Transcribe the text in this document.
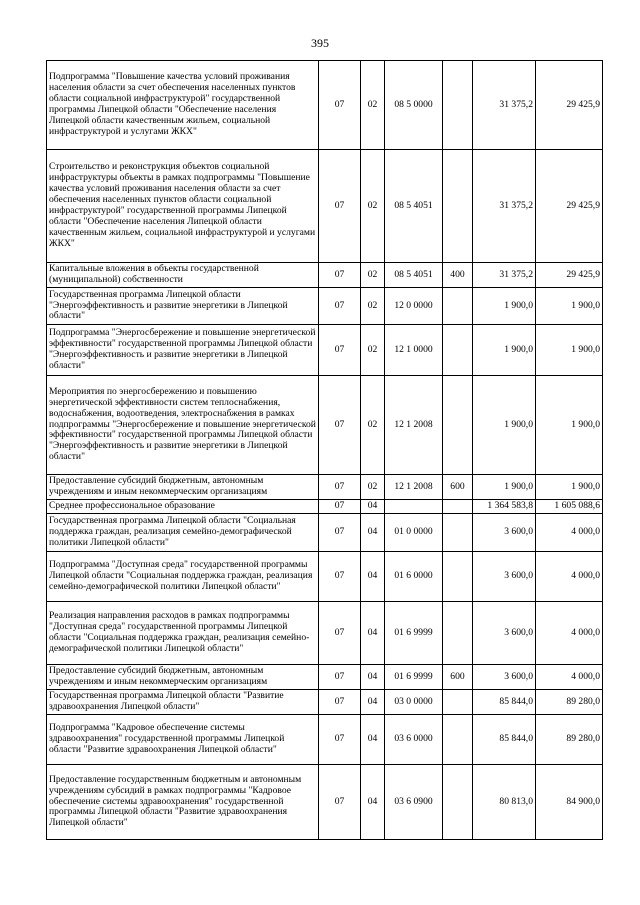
395
Подпрограмма "Повышение качества условий проживания населения области за счет обеспечения населенных пунктов области социальной инфраструктурой" государственной программы Липецкой области "Обеспечение населения Липецкой области качественным жильем, социальной инфраструктурой и услугами ЖКХ"	07	02	08 5 0000		31 375,2	29 425,9
Строительство и реконструкция объектов социальной инфраструктуры объекты в рамках подпрограммы "Повышение качества условий проживания населения области за счет обеспечения населенных пунктов области социальной инфраструктурой" государственной программы Липецкой области "Обеспечение населения Липецкой области качественным жильем, социальной инфраструктурой и услугами ЖКХ"	07	02	08 5 4051		31 375,2	29 425,9
Капитальные вложения в объекты государственной (муниципальной) собственности	07	02	08 5 4051	400	31 375,2	29 425,9
Государственная программа Липецкой области "Энергоэффективность и развитие энергетики в Липецкой области"	07	02	12 0 0000		1 900,0	1 900,0
Подпрограмма "Энергосбережение и повышение энергетической эффективности" государственной программы Липецкой области "Энергоэффективность и развитие энергетики в Липецкой области"	07	02	12 1 0000		1 900,0	1 900,0
Мероприятия по энергосбережению и повышению энергетической эффективности систем теплоснабжения, водоснабжения, водоотведения, электроснабжения в рамках подпрограммы "Энергосбережение и повышение энергетической эффективности" государственной программы Липецкой области "Энергоэффективность и развитие энергетики в Липецкой области"	07	02	12 1 2008		1 900,0	1 900,0
Предоставление субсидий бюджетным, автономным учреждениям и иным некоммерческим организациям	07	02	12 1 2008	600	1 900,0	1 900,0
Среднее профессиональное образование	07	04			1 364 583,8	1 605 088,6
Государственная программа Липецкой области "Социальная поддержка граждан, реализация семейно-демографической политики Липецкой области"	07	04	01 0 0000		3 600,0	4 000,0
Подпрограмма "Доступная среда" государственной программы Липецкой области "Социальная поддержка граждан, реализация семейно-демографической политики Липецкой области"	07	04	01 6 0000		3 600,0	4 000,0
Реализация направления расходов в рамках подпрограммы "Доступная среда" государственной программы Липецкой области "Социальная поддержка граждан, реализация семейно-демографической политики Липецкой области"	07	04	01 6 9999		3 600,0	4 000,0
Предоставление субсидий бюджетным, автономным учреждениям и иным некоммерческим организациям	07	04	01 6 9999	600	3 600,0	4 000,0
Государственная программа Липецкой области "Развитие здравоохранения Липецкой области"	07	04	03 0 0000		85 844,0	89 280,0
Подпрограмма "Кадровое обеспечение системы здравоохранения" государственной программы Липецкой области "Развитие здравоохранения Липецкой области"	07	04	03 6 0000		85 844,0	89 280,0
Предоставление государственным бюджетным и автономным учреждениям субсидий в рамках подпрограммы "Кадровое обеспечение системы здравоохранения" государственной программы Липецкой области "Развитие здравоохранения Липецкой области"	07	04	03 6 0900		80 813,0	84 900,0
